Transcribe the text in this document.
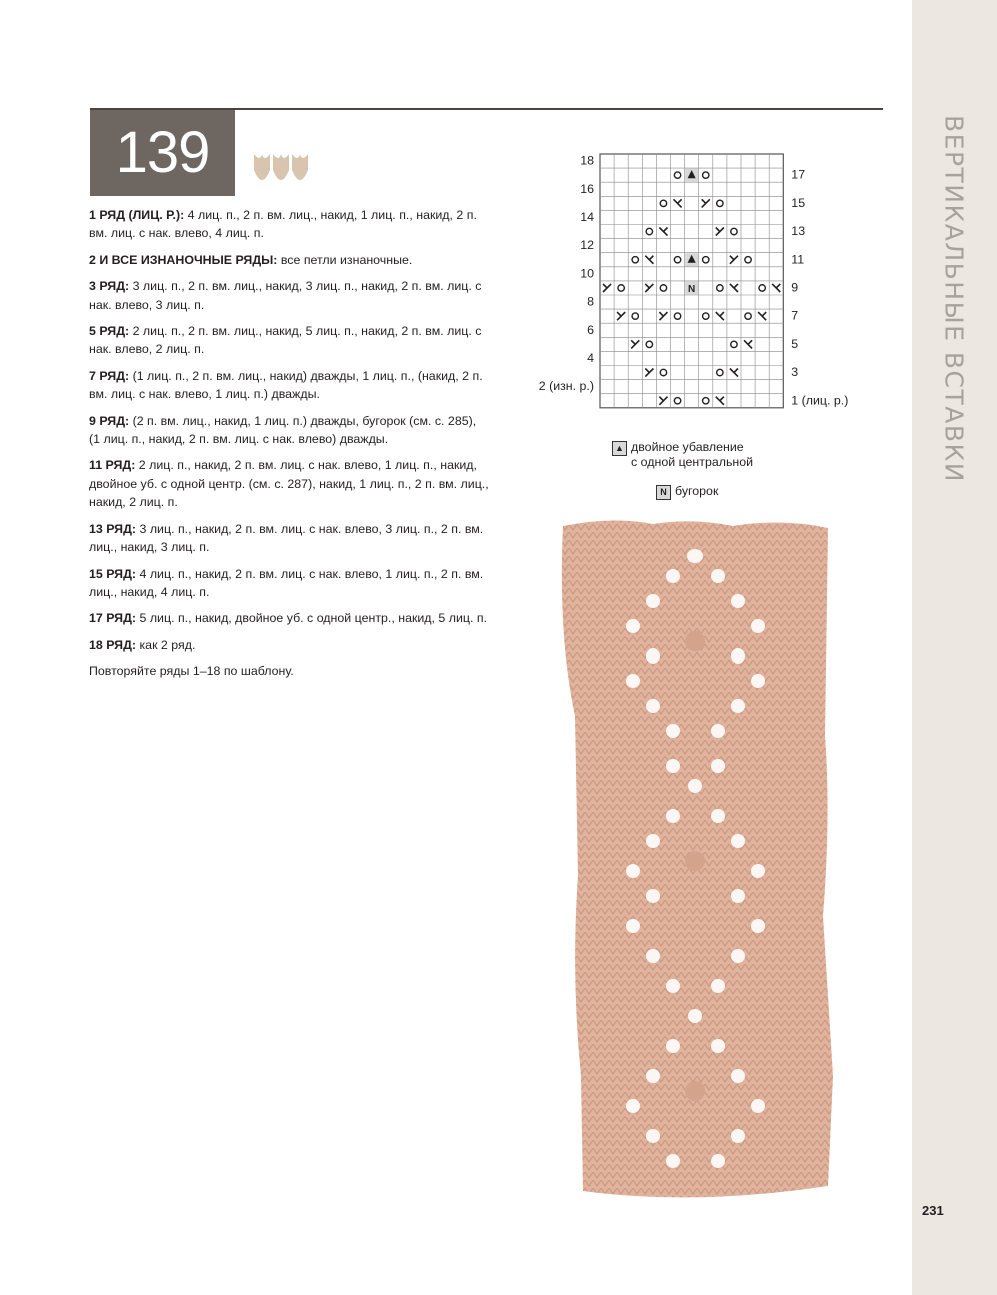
ВЕРТИКАЛЬНЫЕ ВСТАВКИ
139
1 РЯД (ЛИЦ. Р.): 4 лиц. п., 2 п. вм. лиц., накид, 1 лиц. п., накид, 2 п. вм. лиц. с нак. влево, 4 лиц. п.
2 И ВСЕ ИЗНАНОЧНЫЕ РЯДЫ: все петли изнаночные.
3 РЯД: 3 лиц. п., 2 п. вм. лиц., накид, 3 лиц. п., накид, 2 п. вм. лиц. с нак. влево, 3 лиц. п.
5 РЯД: 2 лиц. п., 2 п. вм. лиц., накид, 5 лиц. п., накид, 2 п. вм. лиц. с нак. влево, 2 лиц. п.
7 РЯД: (1 лиц. п., 2 п. вм. лиц., накид) дважды, 1 лиц. п., (накид, 2 п. вм. лиц. с нак. влево, 1 лиц. п.) дважды.
9 РЯД: (2 п. вм. лиц., накид, 1 лиц. п.) дважды, бугорок (см. с. 285), (1 лиц. п., накид, 2 п. вм. лиц. с нак. влево) дважды.
11 РЯД: 2 лиц. п., накид, 2 п. вм. лиц. с нак. влево, 1 лиц. п., накид, двойное уб. с одной центр. (см. с. 287), накид, 1 лиц. п., 2 п. вм. лиц., накид, 2 лиц. п.
13 РЯД: 3 лиц. п., накид, 2 п. вм. лиц. с нак. влево, 3 лиц. п., 2 п. вм. лиц., накид, 3 лиц. п.
15 РЯД: 4 лиц. п., накид, 2 п. вм. лиц. с нак. влево, 1 лиц. п., 2 п. вм. лиц., накид, 4 лиц. п.
17 РЯД: 5 лиц. п., накид, двойное уб. с одной центр., накид, 5 лиц. п.
18 РЯД: как 2 ряд.
Повторяйте ряды 1–18 по шаблону.
18
16
14
12
10
8
6
4
2 (изн. р.)
17
15
13
11
9
7
5
3
1 (лиц. р.)
N
▲ двойное убавление
с одной центральной
N бугорок
231
